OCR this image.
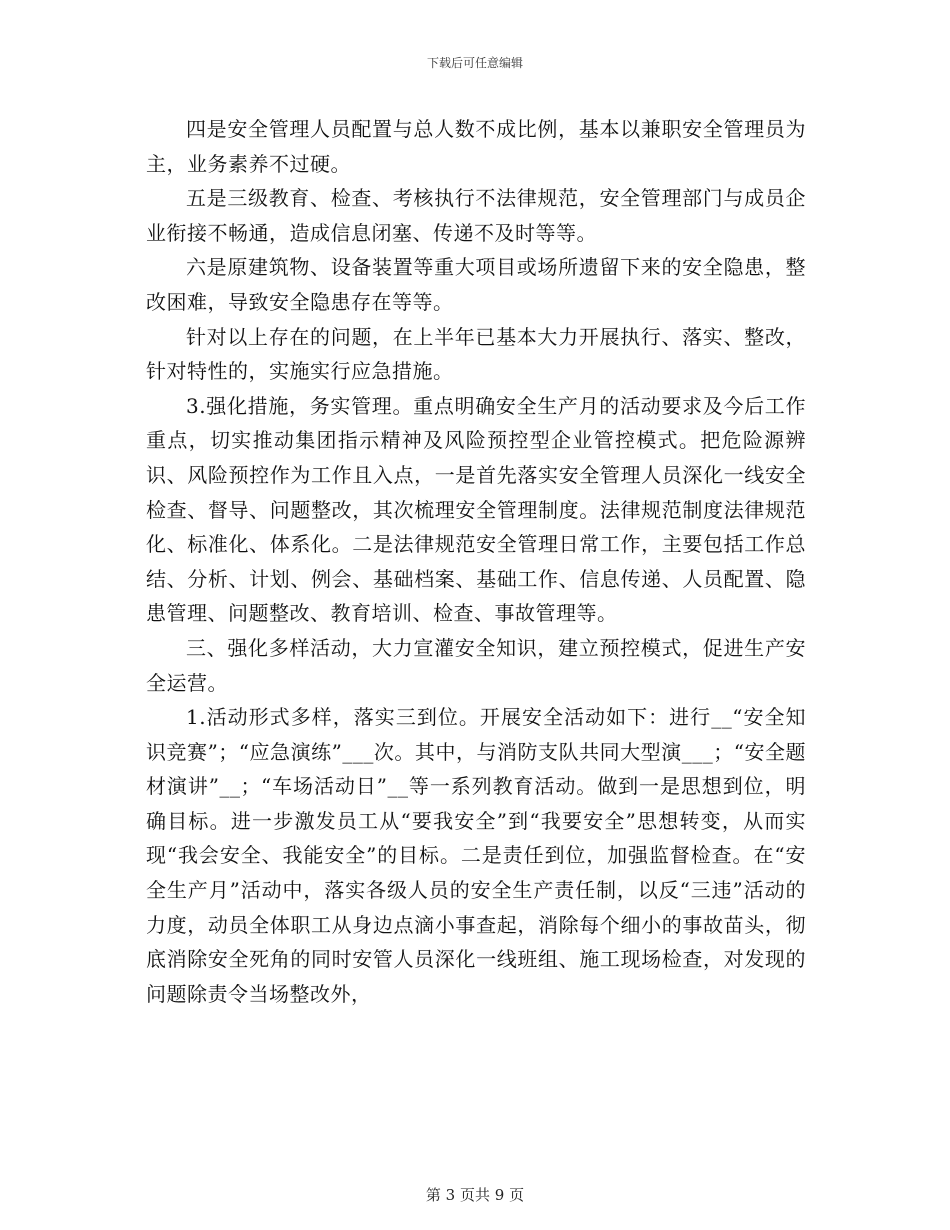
下载后可任意编辑

四是安全管理人员配置与总人数不成比例，基本以兼职安全管理员为主，业务素养不过硬。

五是三级教育、检查、考核执行不法律规范，安全管理部门与成员企业衔接不畅通，造成信息闭塞、传递不及时等等。

六是原建筑物、设备装置等重大项目或场所遗留下来的安全隐患，整改困难，导致安全隐患存在等等。

针对以上存在的问题，在上半年已基本大力开展执行、落实、整改，针对特性的，实施实行应急措施。

3.强化措施，务实管理。重点明确安全生产月的活动要求及今后工作重点，切实推动集团指示精神及风险预控型企业管控模式。把危险源辨识、风险预控作为工作且入点，一是首先落实安全管理人员深化一线安全检查、督导、问题整改，其次梳理安全管理制度。法律规范制度法律规范化、标准化、体系化。二是法律规范安全管理日常工作，主要包括工作总结、分析、计划、例会、基础档案、基础工作、信息传递、人员配置、隐患管理、问题整改、教育培训、检查、事故管理等。

三、强化多样活动，大力宣灌安全知识，建立预控模式，促进生产安全运营。

1.活动形式多样，落实三到位。开展安全活动如下：进行__“安全知识竞赛”；“应急演练”___次。其中，与消防支队共同大型演___；“安全题材演讲”__；“车场活动日”__等一系列教育活动。做到一是思想到位，明确目标。进一步激发员工从“要我安全”到“我要安全”思想转变，从而实现“我会安全、我能安全”的目标。二是责任到位，加强监督检查。在“安全生产月”活动中，落实各级人员的安全生产责任制，以反“三违”活动的力度，动员全体职工从身边点滴小事查起，消除每个细小的事故苗头，彻底消除安全死角的同时安管人员深化一线班组、施工现场检查，对发现的问题除责令当场整改外，

第 3 页共 9 页
